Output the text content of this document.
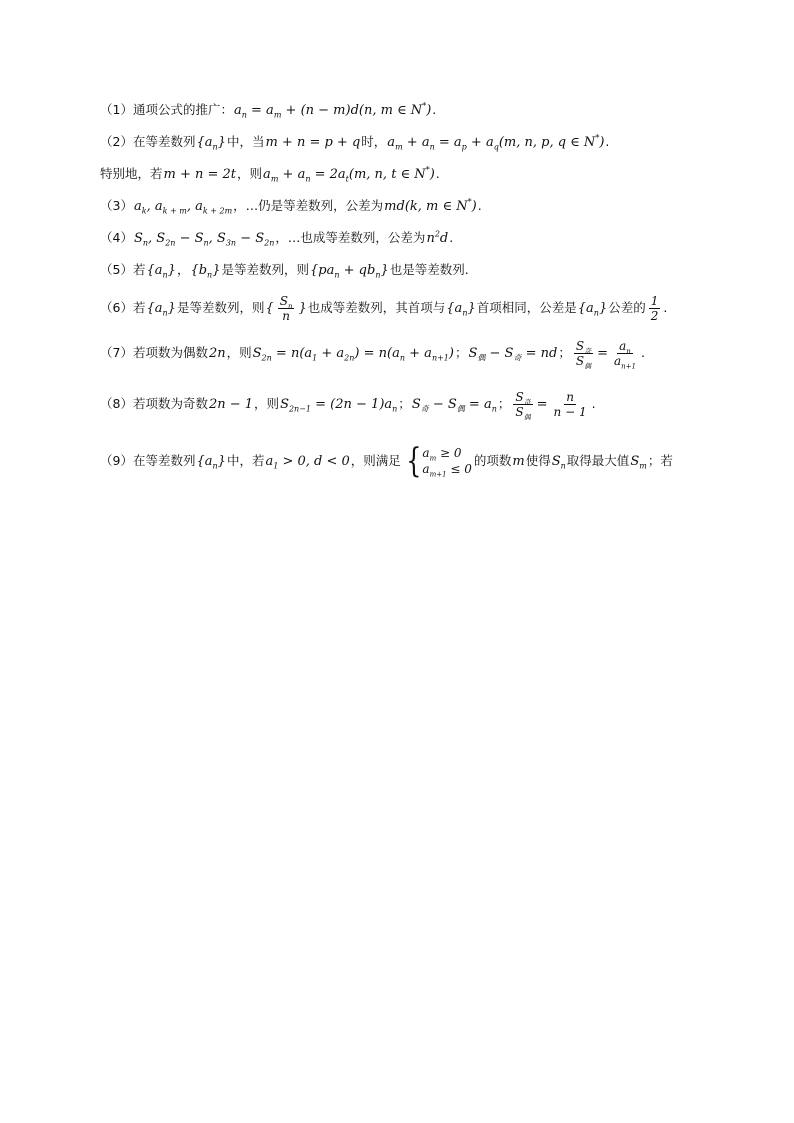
（1） 通项公式的推广： $a_n = a_m + (n - m)d(n$, m ∈ N*) .
（2） 在等差数列 $\{a_n\}$ 中，当 m + n = p + q 时， $a_m + a_n = a_p + a_q(m$, n, p, q ∈ N*) .
特别地，若 m + n = 2t ，则 $a_m + a_n = 2a_t(m$, n, t ∈ N*) .
（3） $a_k$, $a_{k + m}$, $a_{k + 2m}$ ，…仍是等差数列，公差为 md(k, m ∈ N*) .
（4） $S_n$, $S_{2n} - S_n$, $S_{3n} - S_{2n}$ ，…也成等差数列，公差为 $n^2d$ .
（5） 若 $\{a_n\}$ ， $\{b_n\}$ 是等差数列，则 $\{pa_n + qb_n\}$ 也是等差数列 .
（6） 若 $\{a_n\}$ 是等差数列，则 { $\frac{S_n}{n}$ } 也成等差数列，其首项与 $\{a_n\}$ 首项相同，公差是 $\{a_n\}$ 公差的 $\frac{1}{2}$ .
（7） 若项数为偶数 2n ，则 $S_{2n} = n(a_1 + a_{2n}) = n(a_n + a_{n+1})$ ； $S_偶 - S_奇$ = nd ； $\frac{S_奇}{S_偶} = \frac{a_n}{a_{n+1}}$ .
（8） 若项数为奇数 2n − 1 ，则 $S_{2n-1} = (2n - 1)a_n$ ； $S_奇 - S_偶 = a_n$ ； $\frac{S_奇}{S_偶} = \frac{n}{n - 1}$ .
（9） 在等差数列 $\{a_n\}$ 中，若 $a_1 > 0$, d < 0 ，则满足 { $a_m \ge 0$
$a_{m+1} \le 0$
的项数 m 使得 $S_n$ 取得最大值 $S_m$ ；若
